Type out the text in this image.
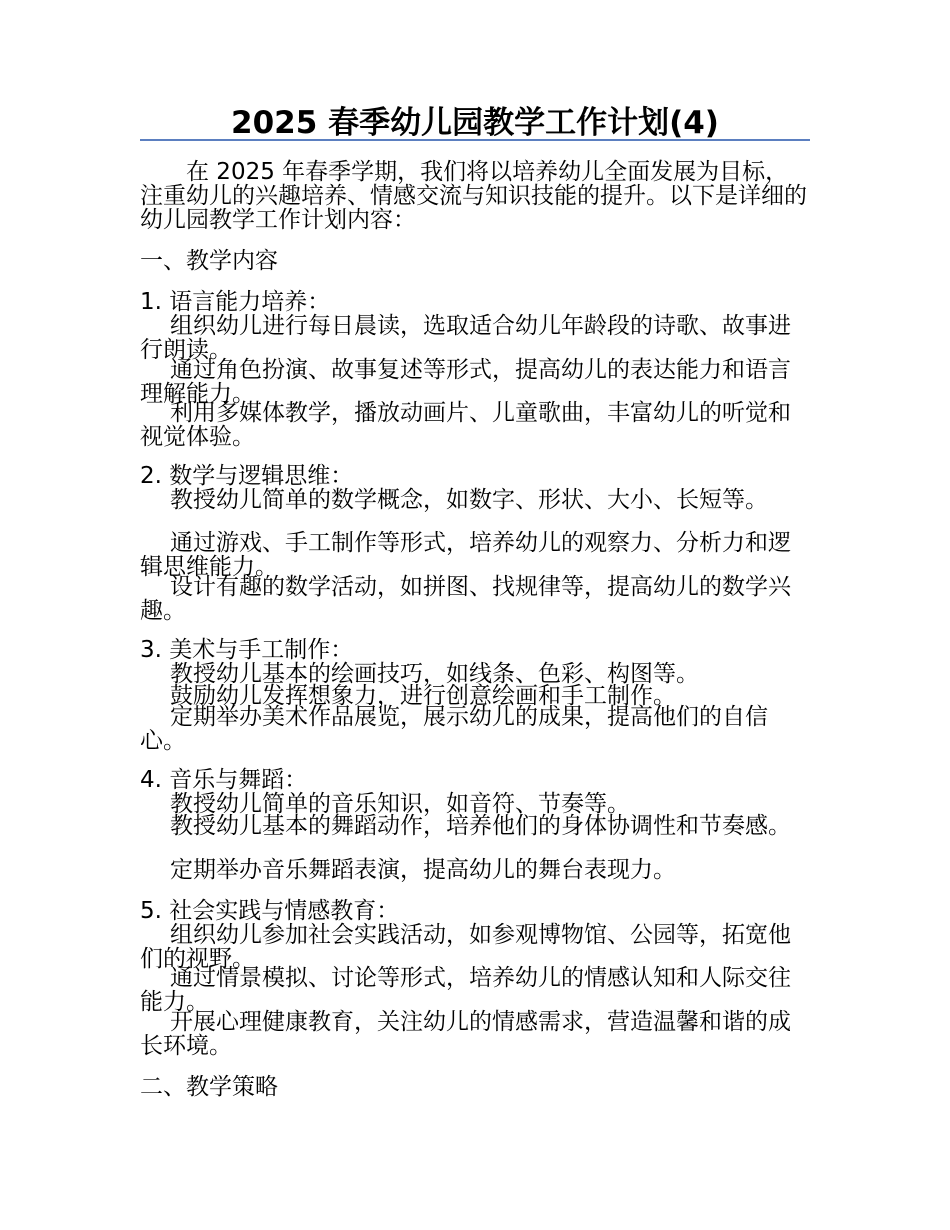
2025 春季幼儿园教学工作计划(4)

在 2025 年春季学期，我们将以培养幼儿全面发展为目标，注重幼儿的兴趣培养、情感交流与知识技能的提升。以下是详细的幼儿园教学工作计划内容：

一、教学内容

1. 语言能力培养：

组织幼儿进行每日晨读，选取适合幼儿年龄段的诗歌、故事进行朗读。

通过角色扮演、故事复述等形式，提高幼儿的表达能力和语言理解能力。

利用多媒体教学，播放动画片、儿童歌曲，丰富幼儿的听觉和视觉体验。

2. 数学与逻辑思维：

教授幼儿简单的数学概念，如数字、形状、大小、长短等。

通过游戏、手工制作等形式，培养幼儿的观察力、分析力和逻辑思维能力。

设计有趣的数学活动，如拼图、找规律等，提高幼儿的数学兴趣。

3. 美术与手工制作：

教授幼儿基本的绘画技巧，如线条、色彩、构图等。

鼓励幼儿发挥想象力，进行创意绘画和手工制作。

定期举办美术作品展览，展示幼儿的成果，提高他们的自信心。

4. 音乐与舞蹈：

教授幼儿简单的音乐知识，如音符、节奏等。

教授幼儿基本的舞蹈动作，培养他们的身体协调性和节奏感。

定期举办音乐舞蹈表演，提高幼儿的舞台表现力。

5. 社会实践与情感教育：

组织幼儿参加社会实践活动，如参观博物馆、公园等，拓宽他们的视野。

通过情景模拟、讨论等形式，培养幼儿的情感认知和人际交往能力。

开展心理健康教育，关注幼儿的情感需求，营造温馨和谐的成长环境。

二、教学策略
